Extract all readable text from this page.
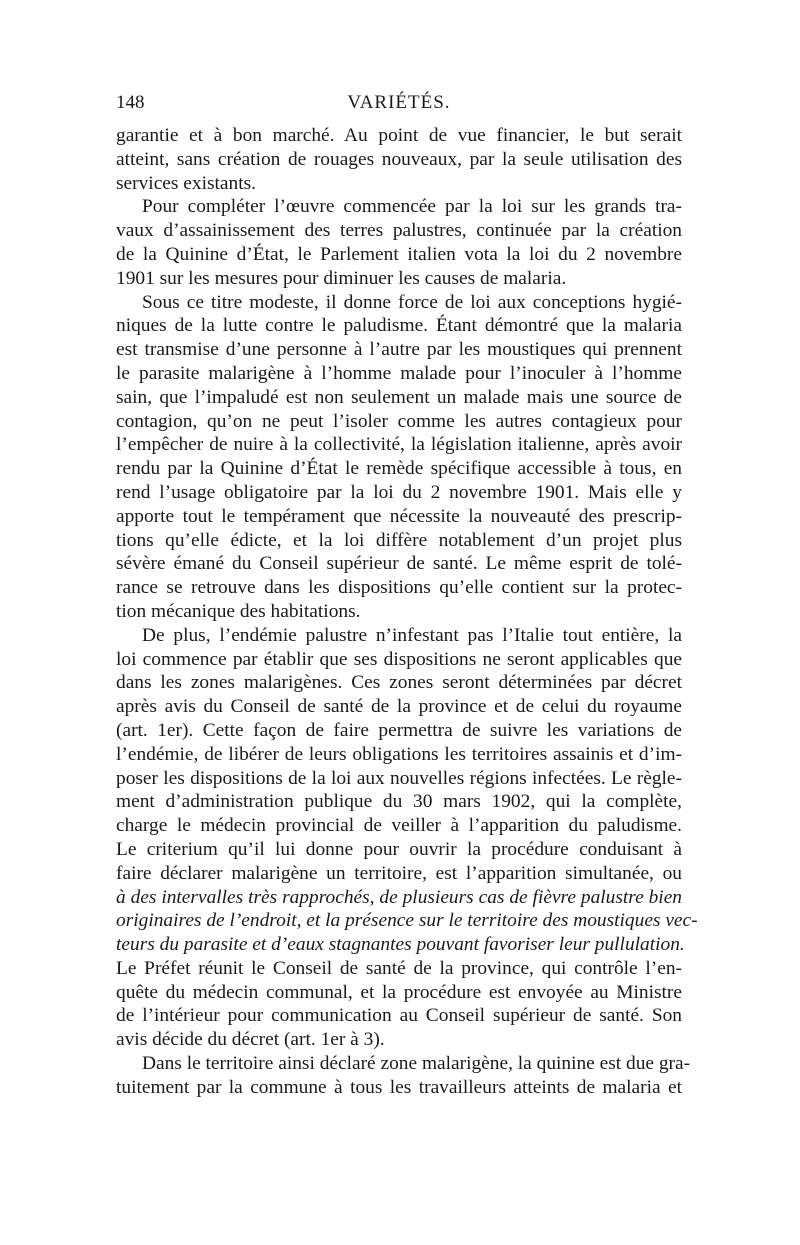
148	VARIÉTÉS.
garantie et à bon marché. Au point de vue financier, le but serait
atteint, sans création de rouages nouveaux, par la seule utilisation des
services existants.
Pour compléter l’œuvre commencée par la loi sur les grands tra-
vaux d’assainissement des terres palustres, continuée par la création
de la Quinine d’État, le Parlement italien vota la loi du 2 novembre
1901 sur les mesures pour diminuer les causes de malaria.
Sous ce titre modeste, il donne force de loi aux conceptions hygié-
niques de la lutte contre le paludisme. Étant démontré que la malaria
est transmise d’une personne à l’autre par les moustiques qui prennent
le parasite malarigène à l’homme malade pour l’inoculer à l’homme
sain, que l’impaludé est non seulement un malade mais une source de
contagion, qu’on ne peut l’isoler comme les autres contagieux pour
l’empêcher de nuire à la collectivité, la législation italienne, après avoir
rendu par la Quinine d’État le remède spécifique accessible à tous, en
rend l’usage obligatoire par la loi du 2 novembre 1901. Mais elle y
apporte tout le tempérament que nécessite la nouveauté des prescrip-
tions qu’elle édicte, et la loi diffère notablement d’un projet plus
sévère émané du Conseil supérieur de santé. Le même esprit de tolé-
rance se retrouve dans les dispositions qu’elle contient sur la protec-
tion mécanique des habitations.
De plus, l’endémie palustre n’infestant pas l’Italie tout entière, la
loi commence par établir que ses dispositions ne seront applicables que
dans les zones malarigènes. Ces zones seront déterminées par décret
après avis du Conseil de santé de la province et de celui du royaume
(art. 1er). Cette façon de faire permettra de suivre les variations de
l’endémie, de libérer de leurs obligations les territoires assainis et d’im-
poser les dispositions de la loi aux nouvelles régions infectées. Le règle-
ment d’administration publique du 30 mars 1902, qui la complète,
charge le médecin provincial de veiller à l’apparition du paludisme.
Le criterium qu’il lui donne pour ouvrir la procédure conduisant à
faire déclarer malarigène un territoire, est l’apparition simultanée, ou
à des intervalles très rapprochés, de plusieurs cas de fièvre palustre bien
originaires de l’endroit, et la présence sur le territoire des moustiques vec-
teurs du parasite et d’eaux stagnantes pouvant favoriser leur pullulation.
Le Préfet réunit le Conseil de santé de la province, qui contrôle l’en-
quête du médecin communal, et la procédure est envoyée au Ministre
de l’intérieur pour communication au Conseil supérieur de santé. Son
avis décide du décret (art. 1er à 3).
Dans le territoire ainsi déclaré zone malarigène, la quinine est due gra-
tuitement par la commune à tous les travailleurs atteints de malaria et
